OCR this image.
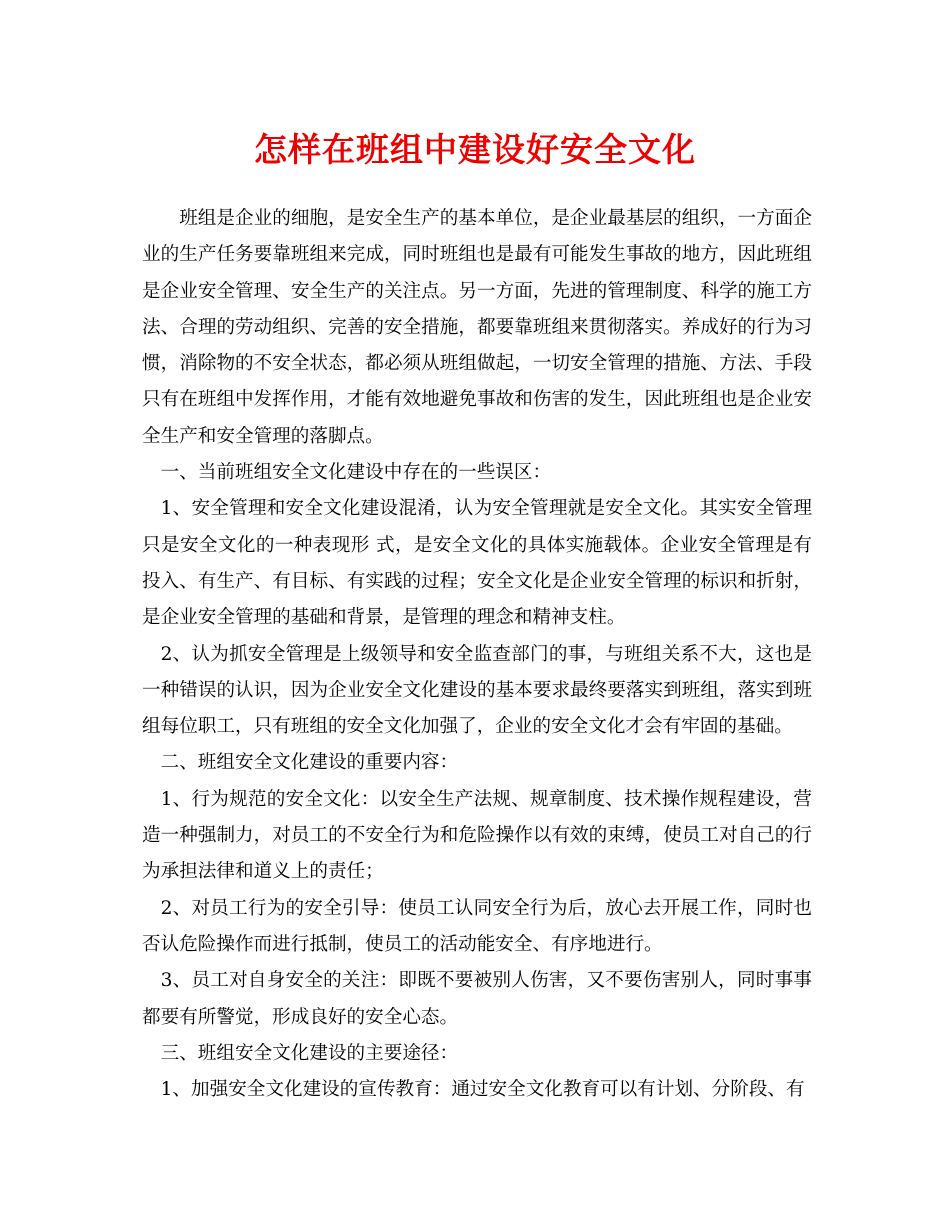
怎样在班组中建设好安全文化

班组是企业的细胞，是安全生产的基本单位，是企业最基层的组织，一方面企业的生产任务要靠班组来完成，同时班组也是最有可能发生事故的地方，因此班组是企业安全管理、安全生产的关注点。另一方面，先进的管理制度、科学的施工方法、合理的劳动组织、完善的安全措施，都要靠班组来贯彻落实。养成好的行为习惯，消除物的不安全状态，都必须从班组做起，一切安全管理的措施、方法、手段只有在班组中发挥作用，才能有效地避免事故和伤害的发生，因此班组也是企业安全生产和安全管理的落脚点。

一、当前班组安全文化建设中存在的一些误区：

1、安全管理和安全文化建设混淆，认为安全管理就是安全文化。其实安全管理只是安全文化的一种表现形 式，是安全文化的具体实施载体。企业安全管理是有投入、有生产、有目标、有实践的过程；安全文化是企业安全管理的标识和折射，是企业安全管理的基础和背景，是管理的理念和精神支柱。

2、认为抓安全管理是上级领导和安全监查部门的事，与班组关系不大，这也是一种错误的认识，因为企业安全文化建设的基本要求最终要落实到班组，落实到班组每位职工，只有班组的安全文化加强了，企业的安全文化才会有牢固的基础。

二、班组安全文化建设的重要内容：

1、行为规范的安全文化：以安全生产法规、规章制度、技术操作规程建设，营造一种强制力，对员工的不安全行为和危险操作以有效的束缚，使员工对自己的行为承担法律和道义上的责任；

2、对员工行为的安全引导：使员工认同安全行为后，放心去开展工作，同时也否认危险操作而进行抵制，使员工的活动能安全、有序地进行。

3、员工对自身安全的关注：即既不要被别人伤害，又不要伤害别人，同时事事都要有所警觉，形成良好的安全心态。

三、班组安全文化建设的主要途径：

1、加强安全文化建设的宣传教育：通过安全文化教育可以有计划、分阶段、有
